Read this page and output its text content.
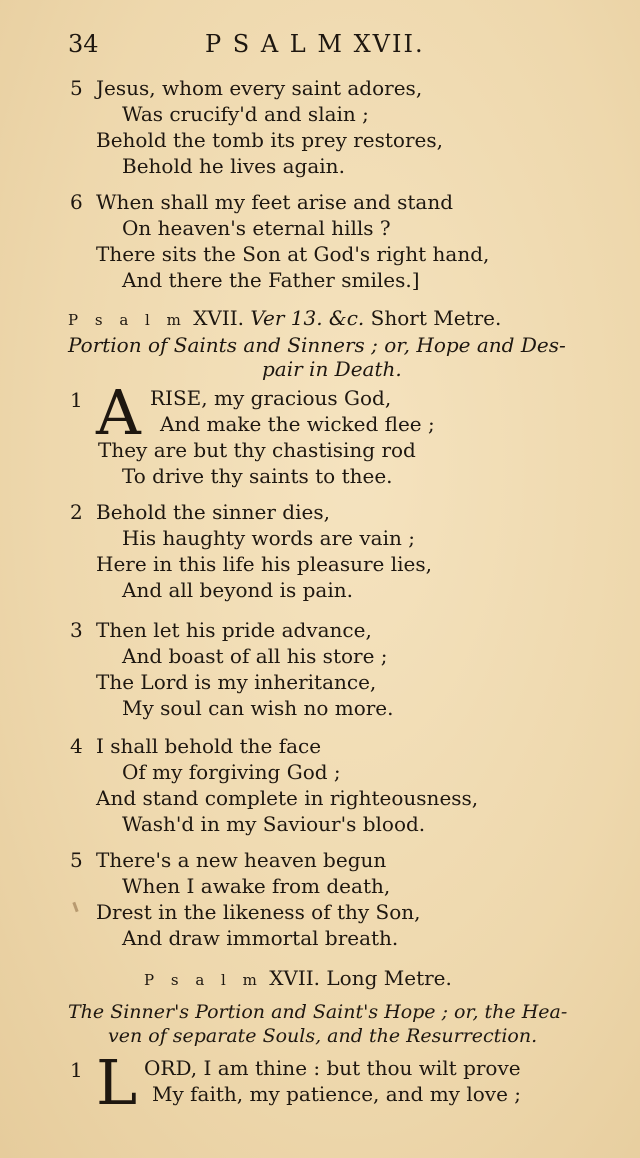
34	P S A L M XVII.
5 Jesus, whom every saint adores,
Was crucify'd and slain ;
Behold the tomb its prey restores,
Behold he lives again.
6 When shall my feet arise and stand
On heaven's eternal hills ?
There sits the Son at God's right hand,
And there the Father smiles.]
P s a l m XVII. Ver 13. &c. Short Metre.
Portion of Saints and Sinners ; or, Hope and Des-
pair in Death.
1 A RISE, my gracious God,
And make the wicked flee ;
They are but thy chastising rod
To drive thy saints to thee.
2 Behold the sinner dies,
His haughty words are vain ;
Here in this life his pleasure lies,
And all beyond is pain.
3 Then let his pride advance,
And boast of all his store ;
The Lord is my inheritance,
My soul can wish no more.
4 I shall behold the face
Of my forgiving God ;
And stand complete in righteousness,
Wash'd in my Saviour's blood.
5 There's a new heaven begun
When I awake from death,
Drest in the likeness of thy Son,
And draw immortal breath.
P s a l m XVII. Long Metre.
The Sinner's Portion and Saint's Hope ; or, the Hea-
ven of separate Souls, and the Resurrection.
1 L ORD, I am thine : but thou wilt prove
My faith, my patience, and my love ;
